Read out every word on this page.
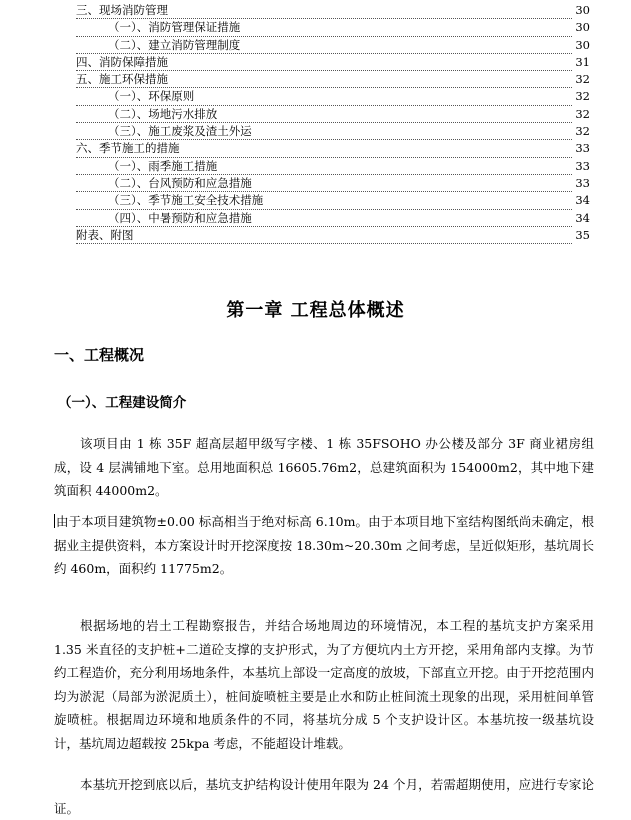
三、现场消防管理	30
（一）、消防管理保证措施	30
（二）、建立消防管理制度	30
四、消防保障措施	31
五、施工环保措施	32
（一）、环保原则	32
（二）、场地污水排放	32
（三）、施工废浆及渣土外运	32
六、季节施工的措施	33
（一）、雨季施工措施	33
（二）、台风预防和应急措施	33
（三）、季节施工安全技术措施	34
（四）、中暑预防和应急措施	34
附表、附图	35
第一章 工程总体概述
一、工程概况
（一）、工程建设简介

该项目由 1 栋 35F 超高层超甲级写字楼、1 栋 35FSOHO 办公楼及部分 3F 商业裙房组成，设 4 层满铺地下室。总用地面积总 16605.76m2，总建筑面积为 154000m2，其中地下建筑面积 44000m2。

由于本项目建筑物±0.00 标高相当于绝对标高 6.10m。由于本项目地下室结构图纸尚未确定，根据业主提供资料，本方案设计时开挖深度按 18.30m~20.30m 之间考虑，呈近似矩形，基坑周长约 460m，面积约 11775m2。

根据场地的岩土工程勘察报告，并结合场地周边的环境情况，本工程的基坑支护方案采用 1.35 米直径的支护桩+二道砼支撑的支护形式，为了方便坑内土方开挖，采用角部内支撑。为节约工程造价，充分利用场地条件，本基坑上部设一定高度的放坡，下部直立开挖。由于开挖范围内均为淤泥（局部为淤泥质土），桩间旋喷桩主要是止水和防止桩间流土现象的出现，采用桩间单管旋喷桩。根据周边环境和地质条件的不同，将基坑分成 5 个支护设计区。本基坑按一级基坑设计，基坑周边超载按 25kpa 考虑，不能超设计堆载。

本基坑开挖到底以后，基坑支护结构设计使用年限为 24 个月，若需超期使用，应进行专家论证。
